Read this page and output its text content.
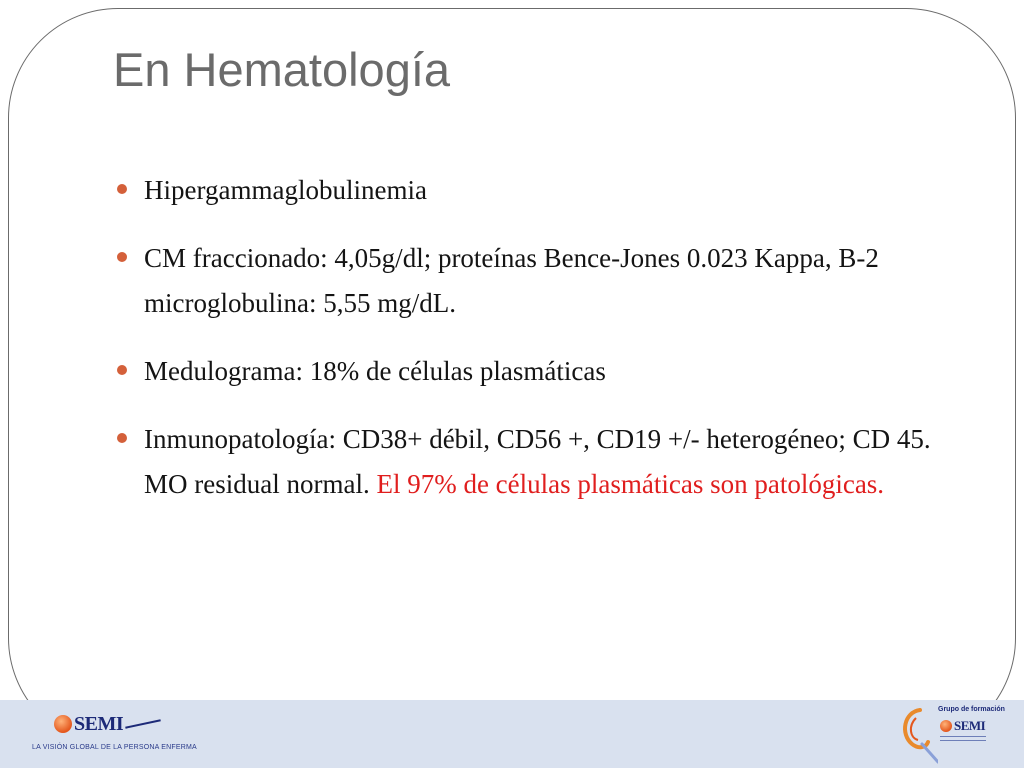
En Hematología
Hipergammaglobulinemia
CM fraccionado: 4,05g/dl; proteínas Bence-Jones 0.023 Kappa, B-2 microglobulina: 5,55 mg/dL.
Medulograma: 18% de células plasmáticas
Inmunopatología: CD38+ débil, CD56 +, CD19 +/- heterogéneo; CD 45. MO residual normal. El 97% de células plasmáticas son patológicas.
SEMI
LA VISIÓN GLOBAL DE LA PERSONA ENFERMA
Grupo de formación
SEMI
